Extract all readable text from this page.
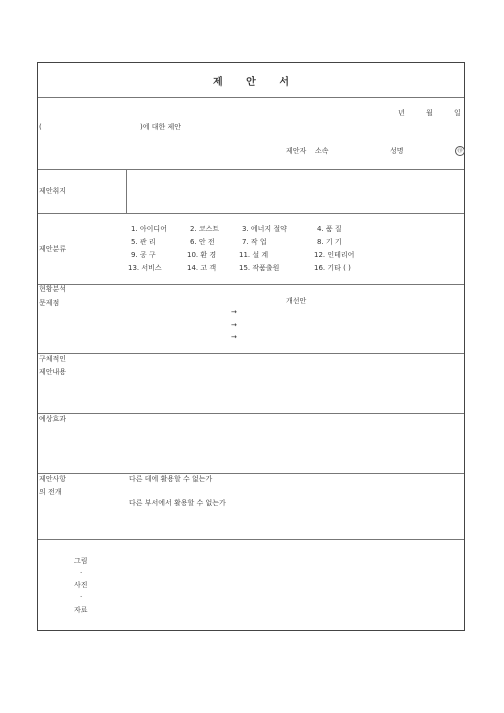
제 안 서
년	월	일
(	)에 대한 제안
제안자 소속	성명	㊞
제안취지
제안분류
1. 아이디어	2. 코스트	3. 에너지 절약	4. 품 질
5. 관 리	6. 안 전	7. 작 업	8. 기 기
9. 공 구	10. 환 경	11. 설 계	12. 인테리어
13. 서비스	14. 고 객	15. 작품출원	16. 기타 ( )
현황분석
문제점	개선안
→
→
→
구체적인
제안내용
예상효과
제안사항
의 전개
다른 데에 활용할 수 없는가
다른 부서에서 활용할 수 없는가
그림
·
사진
·
자료
